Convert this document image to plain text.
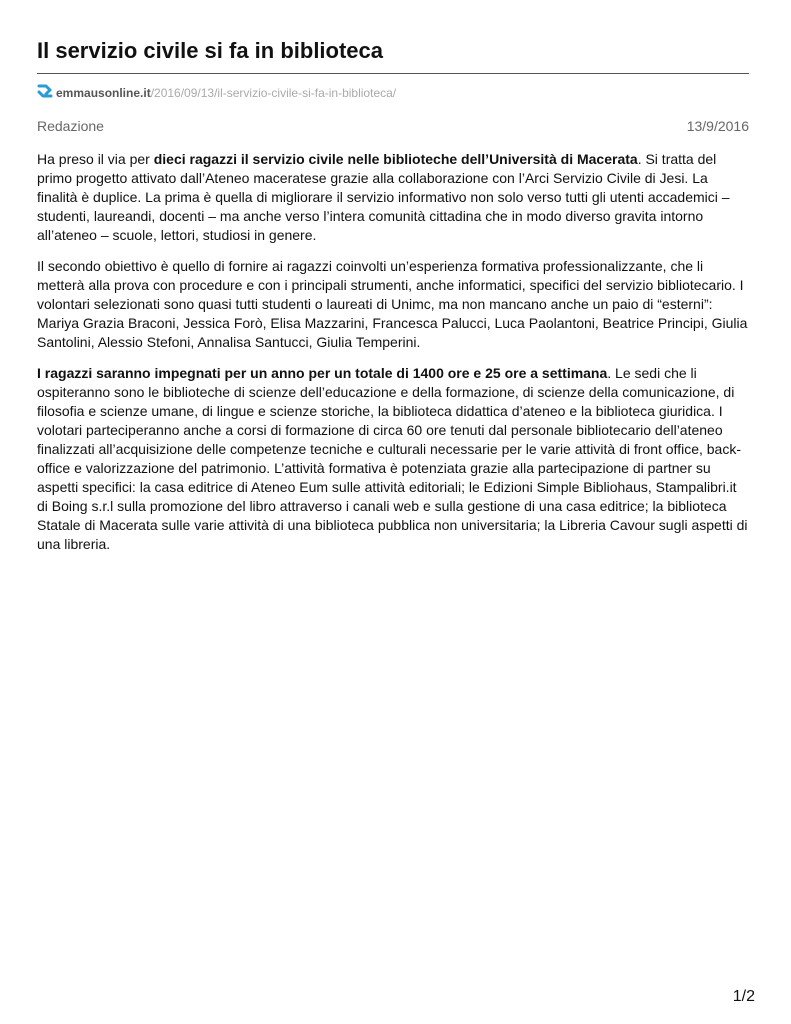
Il servizio civile si fa in biblioteca
emmausonline.it /2016/09/13/il-servizio-civile-si-fa-in-biblioteca/
Redazione	13/9/2016

Ha preso il via per dieci ragazzi il servizio civile nelle biblioteche dell’Università di Macerata. Si tratta del primo progetto attivato dall’Ateneo maceratese grazie alla collaborazione con l’Arci Servizio Civile di Jesi. La finalità è duplice. La prima è quella di migliorare il servizio informativo non solo verso tutti gli utenti accademici – studenti, laureandi, docenti – ma anche verso l’intera comunità cittadina che in modo diverso gravita intorno all’ateneo – scuole, lettori, studiosi in genere.

Il secondo obiettivo è quello di fornire ai ragazzi coinvolti un’esperienza formativa professionalizzante, che li metterà alla prova con procedure e con i principali strumenti, anche informatici, specifici del servizio bibliotecario. I volontari selezionati sono quasi tutti studenti o laureati di Unimc, ma non mancano anche un paio di “esterni”: Mariya Grazia Braconi, Jessica Forò, Elisa Mazzarini, Francesca Palucci, Luca Paolantoni, Beatrice Principi, Giulia Santolini, Alessio Stefoni, Annalisa Santucci, Giulia Temperini.

I ragazzi saranno impegnati per un anno per un totale di 1400 ore e 25 ore a settimana. Le sedi che li ospiteranno sono le biblioteche di scienze dell’educazione e della formazione, di scienze della comunicazione, di filosofia e scienze umane, di lingue e scienze storiche, la biblioteca didattica d’ateneo e la biblioteca giuridica. I volotari parteciperanno anche a corsi di formazione di circa 60 ore tenuti dal personale bibliotecario dell’ateneo finalizzati all’acquisizione delle competenze tecniche e culturali necessarie per le varie attività di front office, back-office e valorizzazione del patrimonio. L’attività formativa è potenziata grazie alla partecipazione di partner su aspetti specifici: la casa editrice di Ateneo Eum sulle attività editoriali; le Edizioni Simple Bibliohaus, Stampalibri.it di Boing s.r.l sulla promozione del libro attraverso i canali web e sulla gestione di una casa editrice; la biblioteca Statale di Macerata sulle varie attività di una biblioteca pubblica non universitaria; la Libreria Cavour sugli aspetti di una libreria.

1/2
